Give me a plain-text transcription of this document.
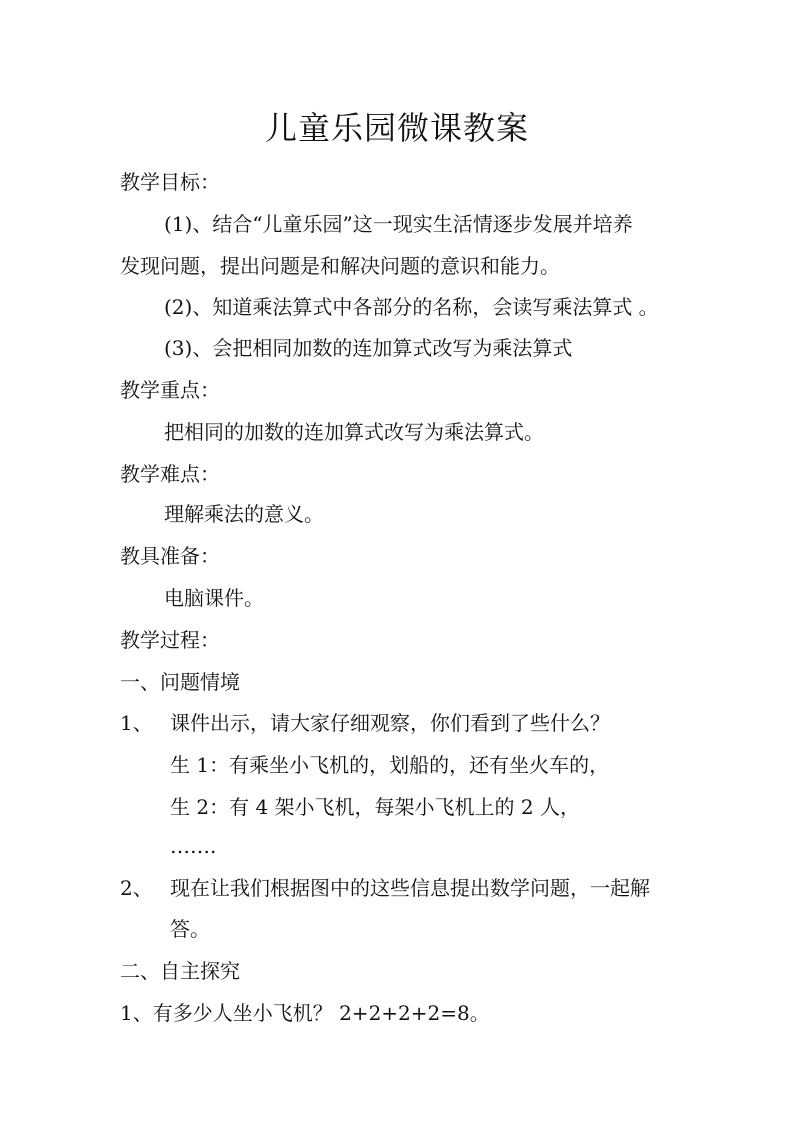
儿童乐园微课教案

教学目标：

(1)、结合“儿童乐园”这一现实生活情逐步发展并培养

发现问题，提出问题是和解决问题的意识和能力。

(2)、知道乘法算式中各部分的名称，会读写乘法算式 。

(3)、会把相同加数的连加算式改写为乘法算式

教学重点：

把相同的加数的连加算式改写为乘法算式。

教学难点：

理解乘法的意义。

教具准备：

电脑课件。

教学过程：

一、问题情境

1、 课件出示，请大家仔细观察，你们看到了些什么？

生 1：有乘坐小飞机的，划船的，还有坐火车的，

生 2：有 4 架小飞机，每架小飞机上的 2 人，

…….

2、 现在让我们根据图中的这些信息提出数学问题，一起解

答。

二、自主探究

1、有多少人坐小飞机？ 2+2+2+2=8。
